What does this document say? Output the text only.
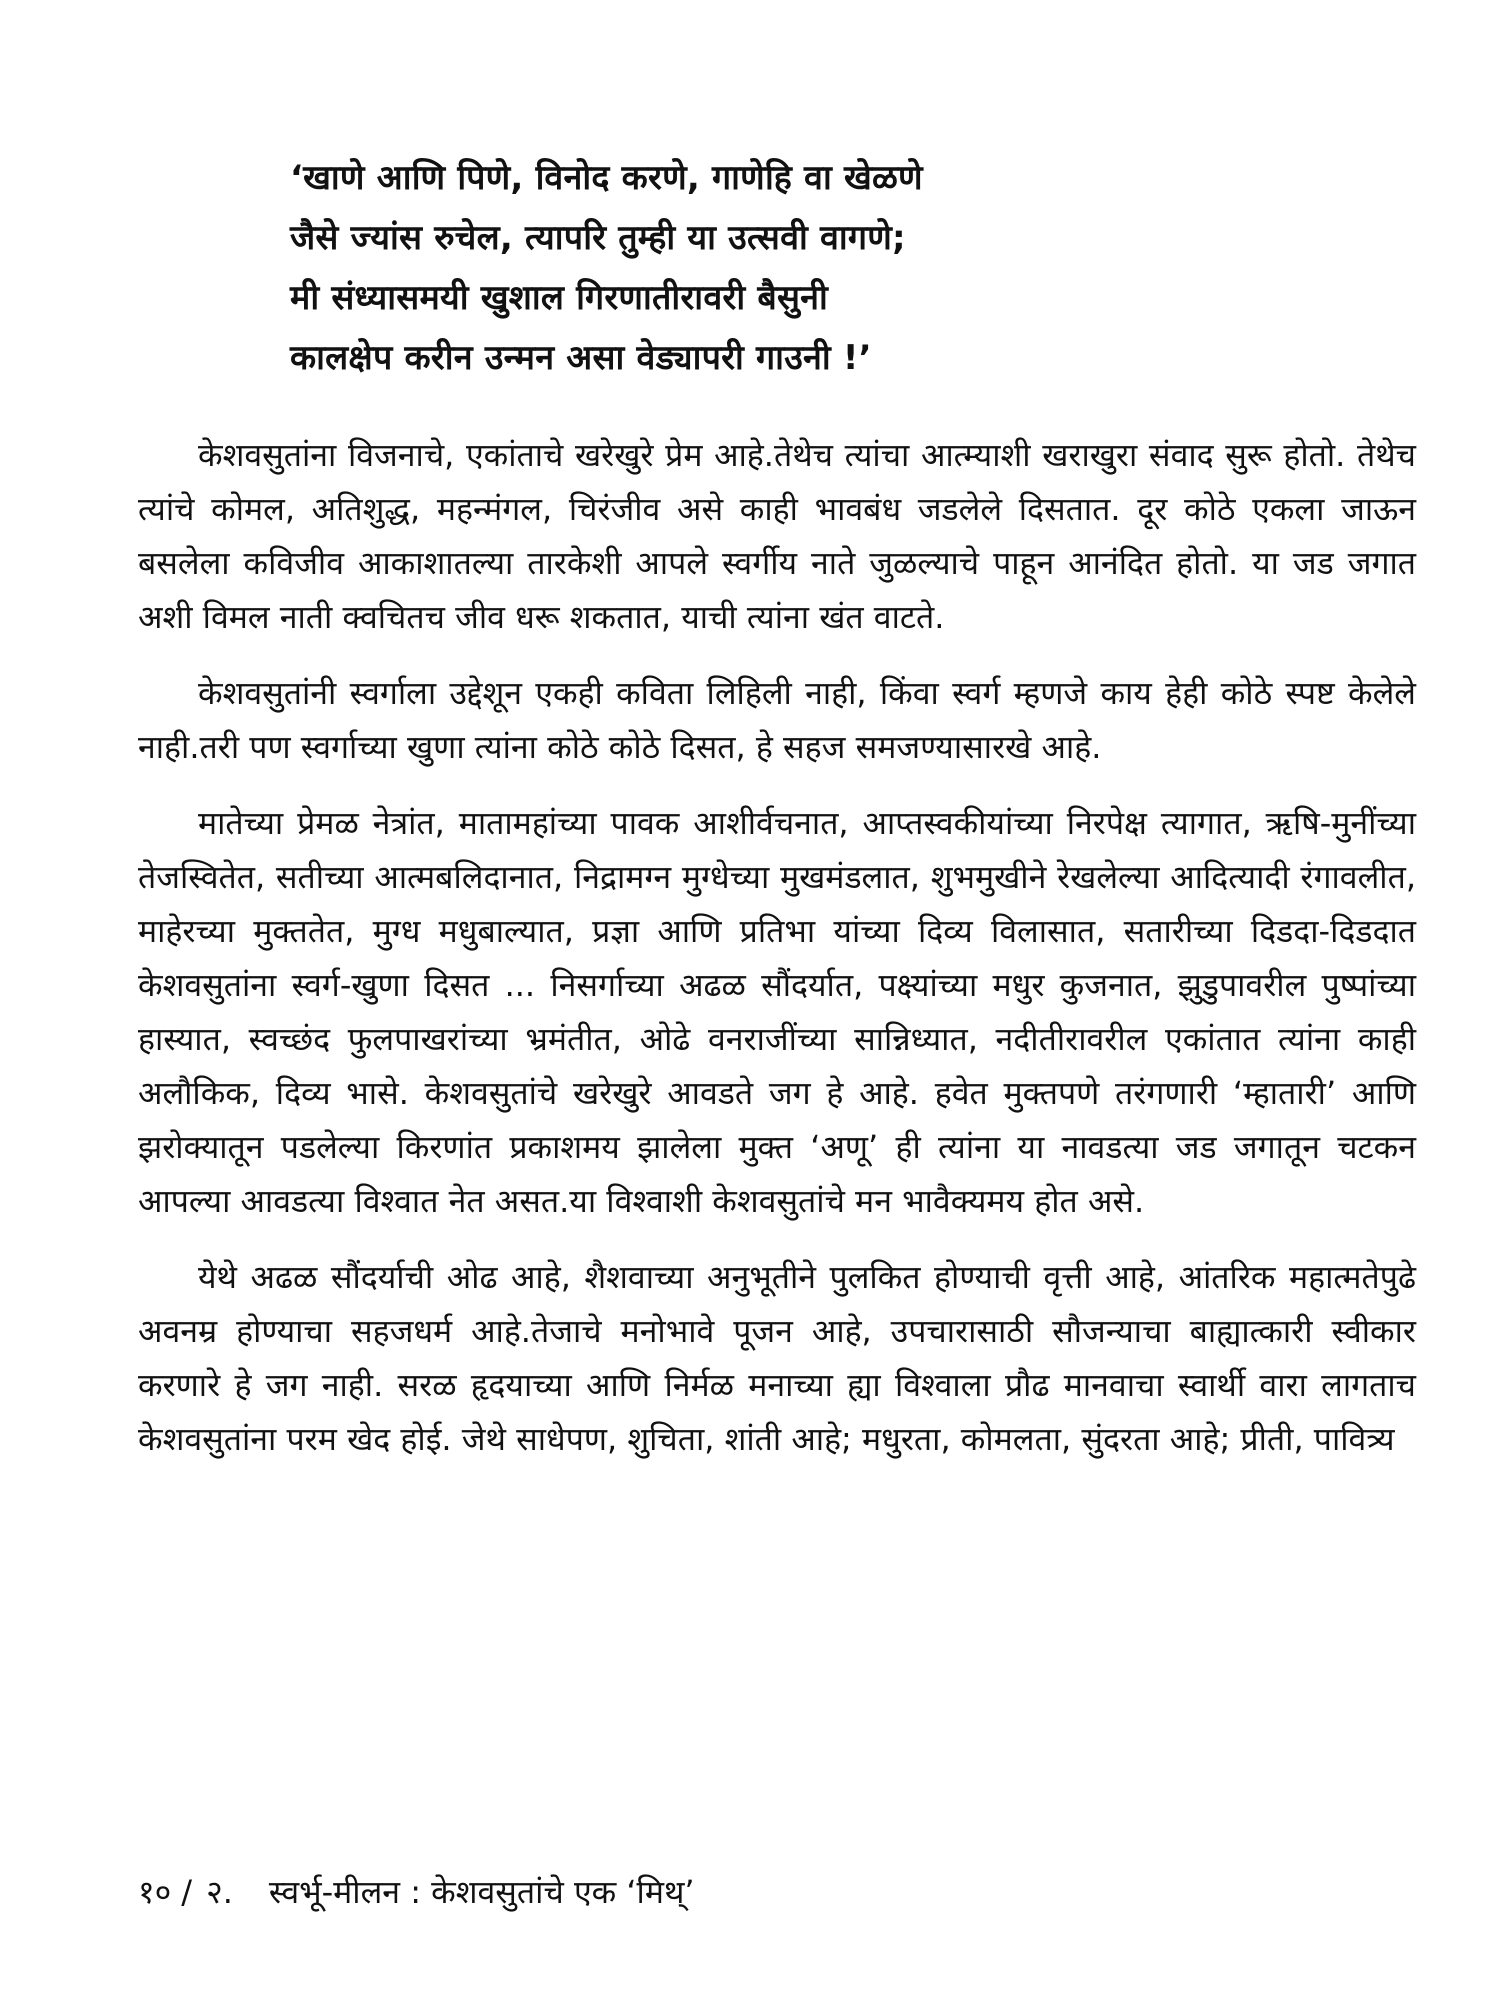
‘खाणे आणि पिणे, विनोद करणे, गाणेहि वा खेळणे
जैसे ज्यांस रुचेल, त्यापरि तुम्ही या उत्सवी वागणे;
मी संध्यासमयी खुशाल गिरणातीरावरी बैसुनी
कालक्षेप करीन उन्मन असा वेड्यापरी गाउनी !’

केशवसुतांना विजनाचे, एकांताचे खरेखुरे प्रेम आहे.तेथेच त्यांचा आत्म्याशी खराखुरा संवाद सुरू होतो. तेथेच त्यांचे कोमल, अतिशुद्ध, महन्मंगल, चिरंजीव असे काही भावबंध जडलेले दिसतात. दूर कोठे एकला जाऊन बसलेला कविजीव आकाशातल्या तारकेशी आपले स्वर्गीय नाते जुळल्याचे पाहून आनंदित होतो. या जड जगात अशी विमल नाती क्वचितच जीव धरू शकतात, याची त्यांना खंत वाटते.

केशवसुतांनी स्वर्गाला उद्देशून एकही कविता लिहिली नाही, किंवा स्वर्ग म्हणजे काय हेही कोठे स्पष्ट केलेले नाही.तरी पण स्वर्गाच्या खुणा त्यांना कोठे कोठे दिसत, हे सहज समजण्यासारखे आहे.

मातेच्या प्रेमळ नेत्रांत, मातामहांच्या पावक आशीर्वचनात, आप्तस्वकीयांच्या निरपेक्ष त्यागात, ऋषि-मुनींच्या तेजस्वितेत, सतीच्या आत्मबलिदानात, निद्रामग्न मुग्धेच्या मुखमंडलात, शुभमुखीने रेखलेल्या आदित्यादी रंगावलीत, माहेरच्या मुक्ततेत, मुग्ध मधुबाल्यात, प्रज्ञा आणि प्रतिभा यांच्या दिव्य विलासात, सतारीच्या दिडदा-दिडदात केशवसुतांना स्वर्ग-खुणा दिसत ... निसर्गाच्या अढळ सौंदर्यात, पक्ष्यांच्या मधुर कुजनात, झुडुपावरील पुष्पांच्या हास्यात, स्वच्छंद फुलपाखरांच्या भ्रमंतीत, ओढे वनराजींच्या सान्निध्यात, नदीतीरावरील एकांतात त्यांना काही अलौकिक, दिव्य भासे. केशवसुतांचे खरेखुरे आवडते जग हे आहे. हवेत मुक्तपणे तरंगणारी ‘म्हातारी’ आणि झरोक्यातून पडलेल्या किरणांत प्रकाशमय झालेला मुक्त ‘अणू’ ही त्यांना या नावडत्या जड जगातून चटकन आपल्या आवडत्या विश्वात नेत असत.या विश्वाशी केशवसुतांचे मन भावैक्यमय होत असे.

येथे अढळ सौंदर्याची ओढ आहे, शैशवाच्या अनुभूतीने पुलकित होण्याची वृत्ती आहे, आंतरिक महात्मतेपुढे अवनम्र होण्याचा सहजधर्म आहे.तेजाचे मनोभावे पूजन आहे, उपचारासाठी सौजन्याचा बाह्यात्कारी स्वीकार करणारे हे जग नाही. सरळ हृदयाच्या आणि निर्मळ मनाच्या ह्या विश्वाला प्रौढ मानवाचा स्वार्थी वारा लागताच केशवसुतांना परम खेद होई. जेथे साधेपण, शुचिता, शांती आहे; मधुरता, कोमलता, सुंदरता आहे; प्रीती, पावित्र्य

१० / २. स्वर्भू-मीलन : केशवसुतांचे एक ‘मिथ्’
